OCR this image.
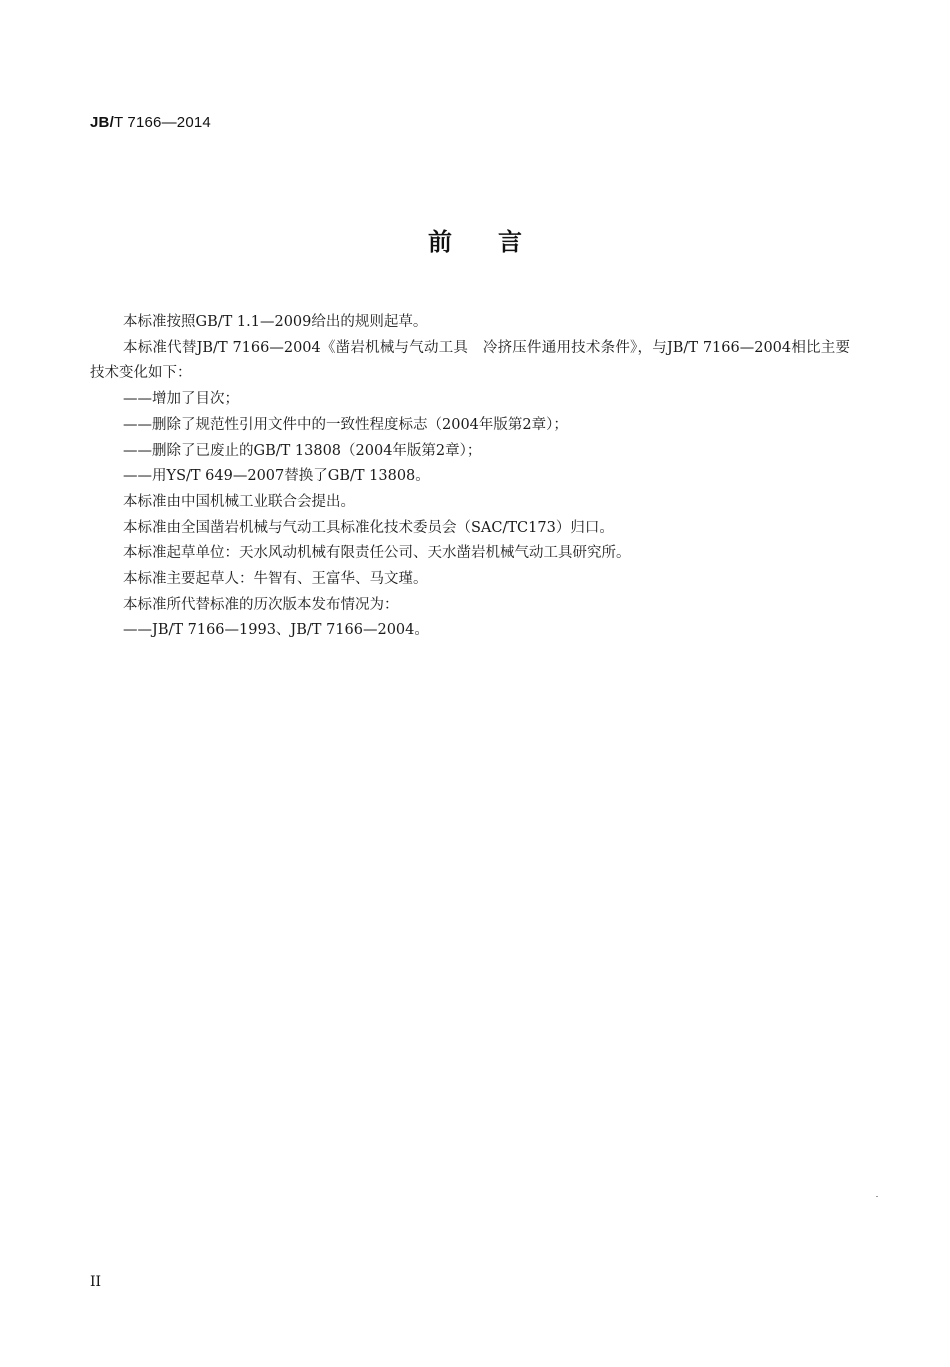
JB/T 7166—2014
前言

本标准按照GB/T 1.1—2009给出的规则起草。

本标准代替JB/T 7166—2004《凿岩机械与气动工具　冷挤压件通用技术条件》，与JB/T 7166—2004相比主要技术变化如下：

——增加了目次；

——删除了规范性引用文件中的一致性程度标志（2004年版第2章）；

——删除了已废止的GB/T 13808（2004年版第2章）；

——用YS/T 649—2007替换了GB/T 13808。

本标准由中国机械工业联合会提出。

本标准由全国凿岩机械与气动工具标准化技术委员会（SAC/TC173）归口。

本标准起草单位：天水风动机械有限责任公司、天水凿岩机械气动工具研究所。

本标准主要起草人：牛智有、王富华、马文瑾。

本标准所代替标准的历次版本发布情况为：

——JB/T 7166—1993、JB/T 7166—2004。

II
